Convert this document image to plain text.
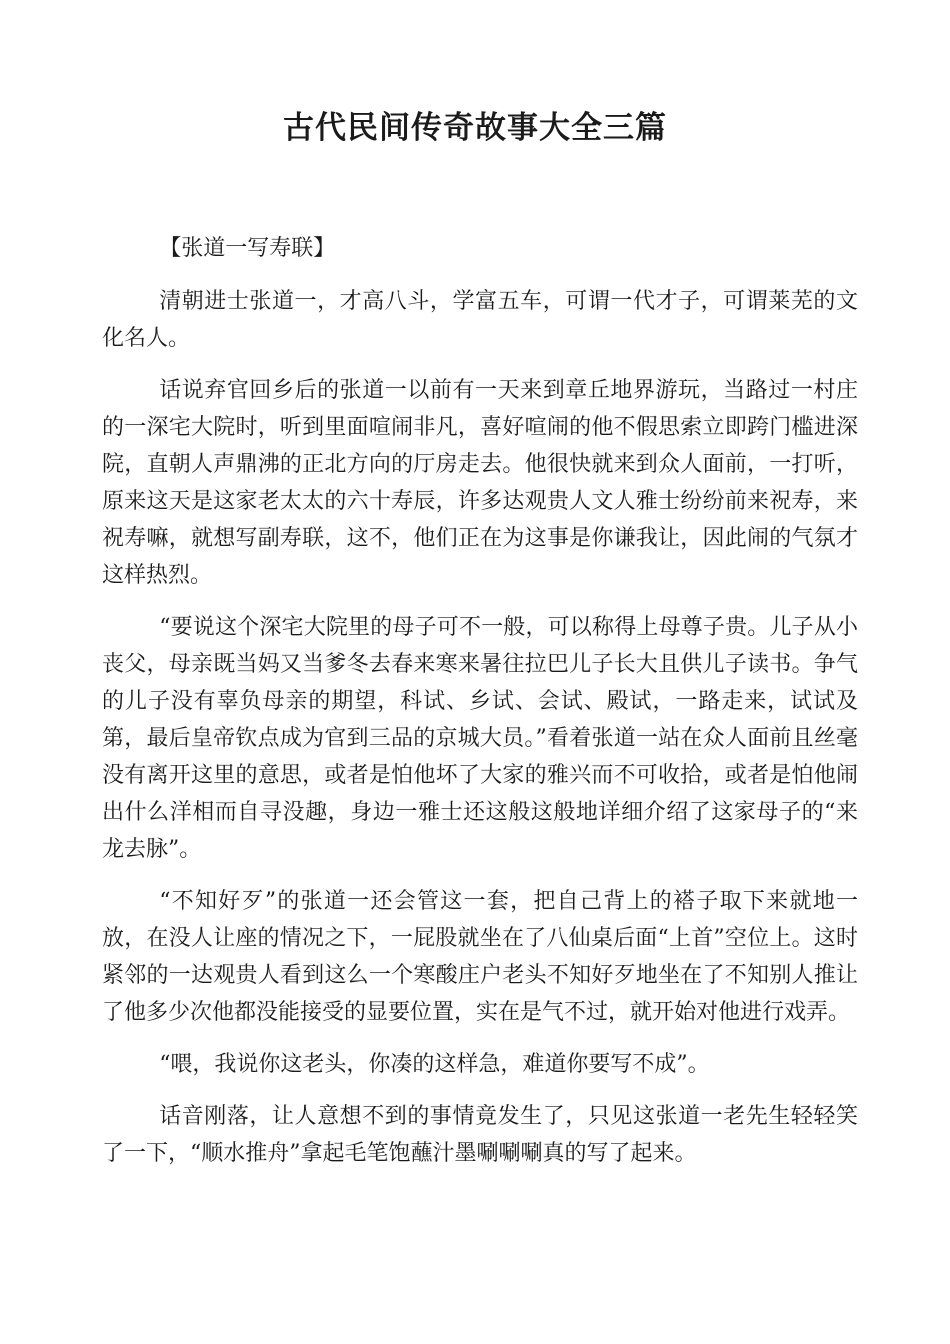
古代民间传奇故事大全三篇

【张道一写寿联】

清朝进士张道一，才高八斗，学富五车，可谓一代才子，可谓莱芜的文化名人。

话说弃官回乡后的张道一以前有一天来到章丘地界游玩，当路过一村庄的一深宅大院时，听到里面喧闹非凡，喜好喧闹的他不假思索立即跨门槛进深院，直朝人声鼎沸的正北方向的厅房走去。他很快就来到众人面前，一打听，原来这天是这家老太太的六十寿辰，许多达观贵人文人雅士纷纷前来祝寿，来祝寿嘛，就想写副寿联，这不，他们正在为这事是你谦我让，因此闹的气氛才这样热烈。

“要说这个深宅大院里的母子可不一般，可以称得上母尊子贵。儿子从小丧父，母亲既当妈又当爹冬去春来寒来暑往拉巴儿子长大且供儿子读书。争气的儿子没有辜负母亲的期望，科试、乡试、会试、殿试，一路走来，试试及第，最后皇帝钦点成为官到三品的京城大员。”看着张道一站在众人面前且丝毫没有离开这里的意思，或者是怕他坏了大家的雅兴而不可收拾，或者是怕他闹出什么洋相而自寻没趣，身边一雅士还这般这般地详细介绍了这家母子的“来龙去脉”。

“不知好歹”的张道一还会管这一套，把自己背上的褡子取下来就地一放，在没人让座的情况之下，一屁股就坐在了八仙桌后面“上首”空位上。这时紧邻的一达观贵人看到这么一个寒酸庄户老头不知好歹地坐在了不知别人推让了他多少次他都没能接受的显要位置，实在是气不过，就开始对他进行戏弄。

“喂，我说你这老头，你凑的这样急，难道你要写不成”。

话音刚落，让人意想不到的事情竟发生了，只见这张道一老先生轻轻笑了一下，“顺水推舟”拿起毛笔饱蘸汁墨唰唰唰真的写了起来。
